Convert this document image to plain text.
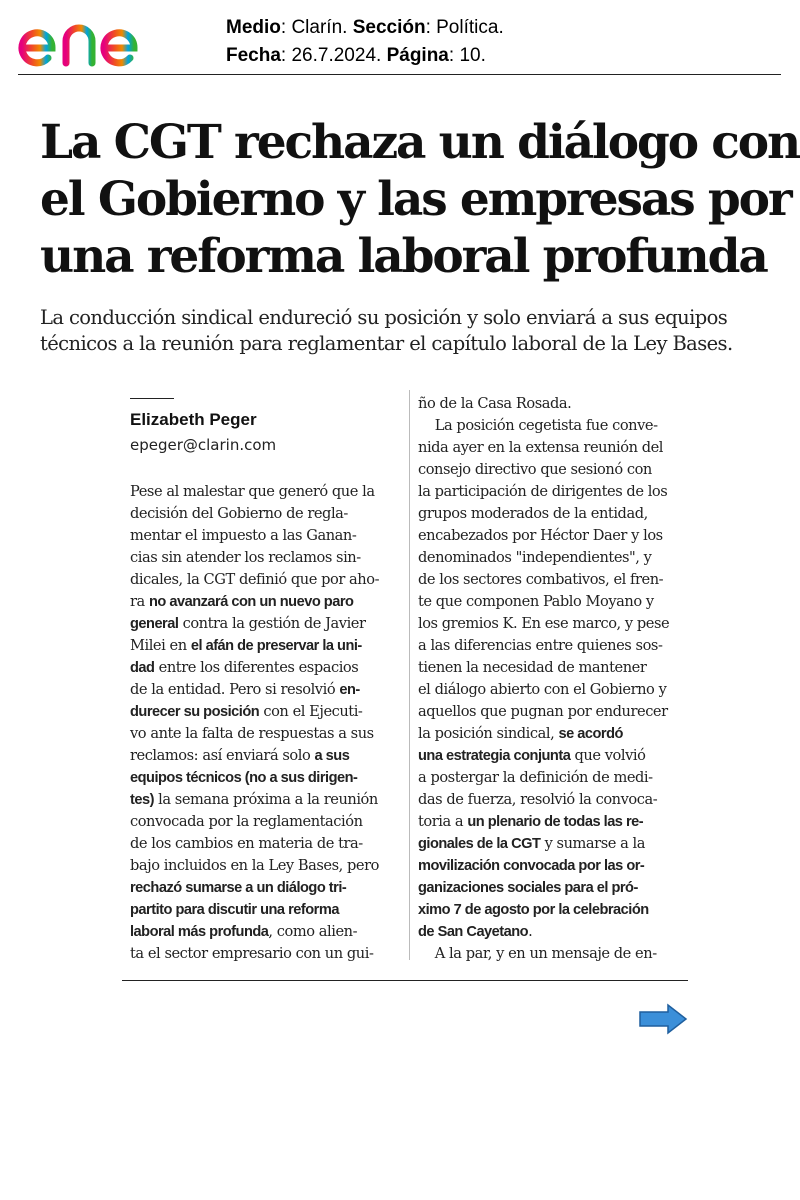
Medio: Clarín. Sección: Política.
Fecha: 26.7.2024. Página: 10.
La CGT rechaza un diálogo con
el Gobierno y las empresas por
una reforma laboral profunda
La conducción sindical endureció su posición y solo enviará a sus equipos
técnicos a la reunión para reglamentar el capítulo laboral de la Ley Bases.
Elizabeth Peger
epeger@clarin.com
Pese al malestar que generó que la
decisión del Gobierno de regla-
mentar el impuesto a las Ganan-
cias sin atender los reclamos sin-
dicales, la CGT definió que por aho-
ra no avanzará con un nuevo paro
general contra la gestión de Javier
Milei en el afán de preservar la uni-
dad entre los diferentes espacios
de la entidad. Pero si resolvió en-
durecer su posición con el Ejecuti-
vo ante la falta de respuestas a sus
reclamos: así enviará solo a sus
equipos técnicos (no a sus dirigen-
tes) la semana próxima a la reunión
convocada por la reglamentación
de los cambios en materia de tra-
bajo incluidos en la Ley Bases, pero
rechazó sumarse a un diálogo tri-
partito para discutir una reforma
laboral más profunda, como alien-
ta el sector empresario con un gui-
ño de la Casa Rosada.
La posición cegetista fue conve-
nida ayer en la extensa reunión del
consejo directivo que sesionó con
la participación de dirigentes de los
grupos moderados de la entidad,
encabezados por Héctor Daer y los
denominados "independientes", y
de los sectores combativos, el fren-
te que componen Pablo Moyano y
los gremios K. En ese marco, y pese
a las diferencias entre quienes sos-
tienen la necesidad de mantener
el diálogo abierto con el Gobierno y
aquellos que pugnan por endurecer
la posición sindical, se acordó
una estrategia conjunta que volvió
a postergar la definición de medi-
das de fuerza, resolvió la convoca-
toria a un plenario de todas las re-
gionales de la CGT y sumarse a la
movilización convocada por las or-
ganizaciones sociales para el pró-
ximo 7 de agosto por la celebración
de San Cayetano.
A la par, y en un mensaje de en-
